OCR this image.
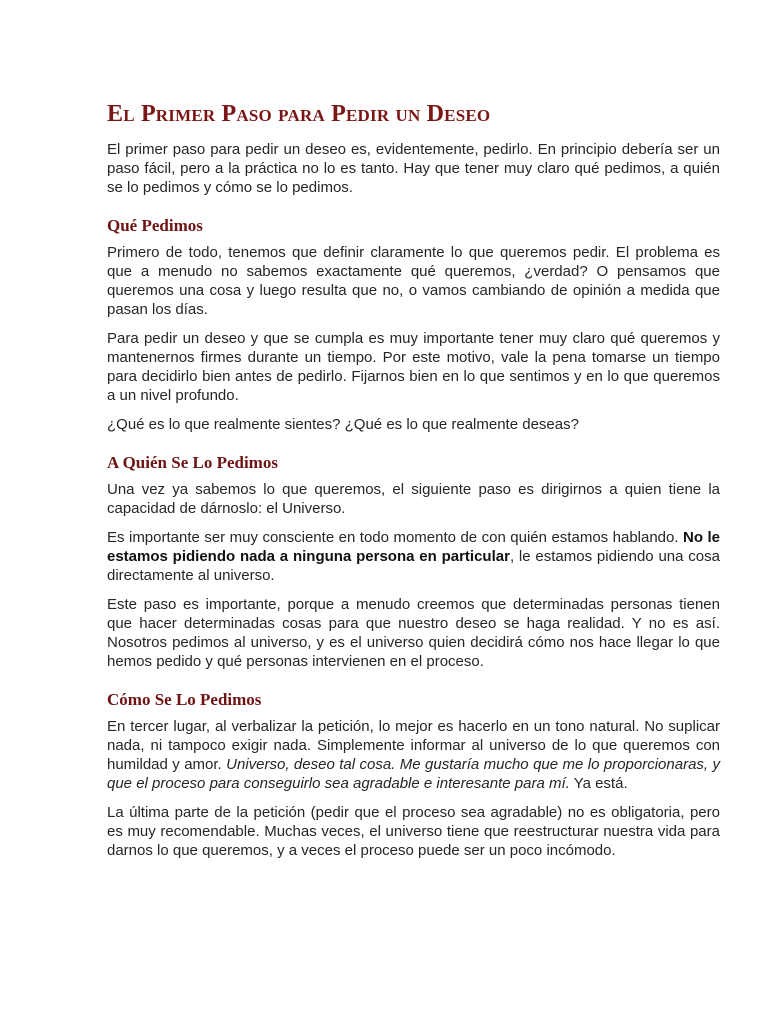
El Primer Paso para Pedir un Deseo

El primer paso para pedir un deseo es, evidentemente, pedirlo. En principio debería ser un paso fácil, pero a la práctica no lo es tanto. Hay que tener muy claro qué pedimos, a quién se lo pedimos y cómo se lo pedimos.

Qué Pedimos

Primero de todo, tenemos que definir claramente lo que queremos pedir. El problema es que a menudo no sabemos exactamente qué queremos, ¿verdad? O pensamos que queremos una cosa y luego resulta que no, o vamos cambiando de opinión a medida que pasan los días.

Para pedir un deseo y que se cumpla es muy importante tener muy claro qué queremos y mantenernos firmes durante un tiempo. Por este motivo, vale la pena tomarse un tiempo para decidirlo bien antes de pedirlo. Fijarnos bien en lo que sentimos y en lo que queremos a un nivel profundo.

¿Qué es lo que realmente sientes? ¿Qué es lo que realmente deseas?

A Quién Se Lo Pedimos

Una vez ya sabemos lo que queremos, el siguiente paso es dirigirnos a quien tiene la capacidad de dárnoslo: el Universo.

Es importante ser muy consciente en todo momento de con quién estamos hablando. No le estamos pidiendo nada a ninguna persona en particular, le estamos pidiendo una cosa directamente al universo.

Este paso es importante, porque a menudo creemos que determinadas personas tienen que hacer determinadas cosas para que nuestro deseo se haga realidad. Y no es así. Nosotros pedimos al universo, y es el universo quien decidirá cómo nos hace llegar lo que hemos pedido y qué personas intervienen en el proceso.

Cómo Se Lo Pedimos

En tercer lugar, al verbalizar la petición, lo mejor es hacerlo en un tono natural. No suplicar nada, ni tampoco exigir nada. Simplemente informar al universo de lo que queremos con humildad y amor. Universo, deseo tal cosa. Me gustaría mucho que me lo proporcionaras, y que el proceso para conseguirlo sea agradable e interesante para mí. Ya está.

La última parte de la petición (pedir que el proceso sea agradable) no es obligatoria, pero es muy recomendable. Muchas veces, el universo tiene que reestructurar nuestra vida para darnos lo que queremos, y a veces el proceso puede ser un poco incómodo.
